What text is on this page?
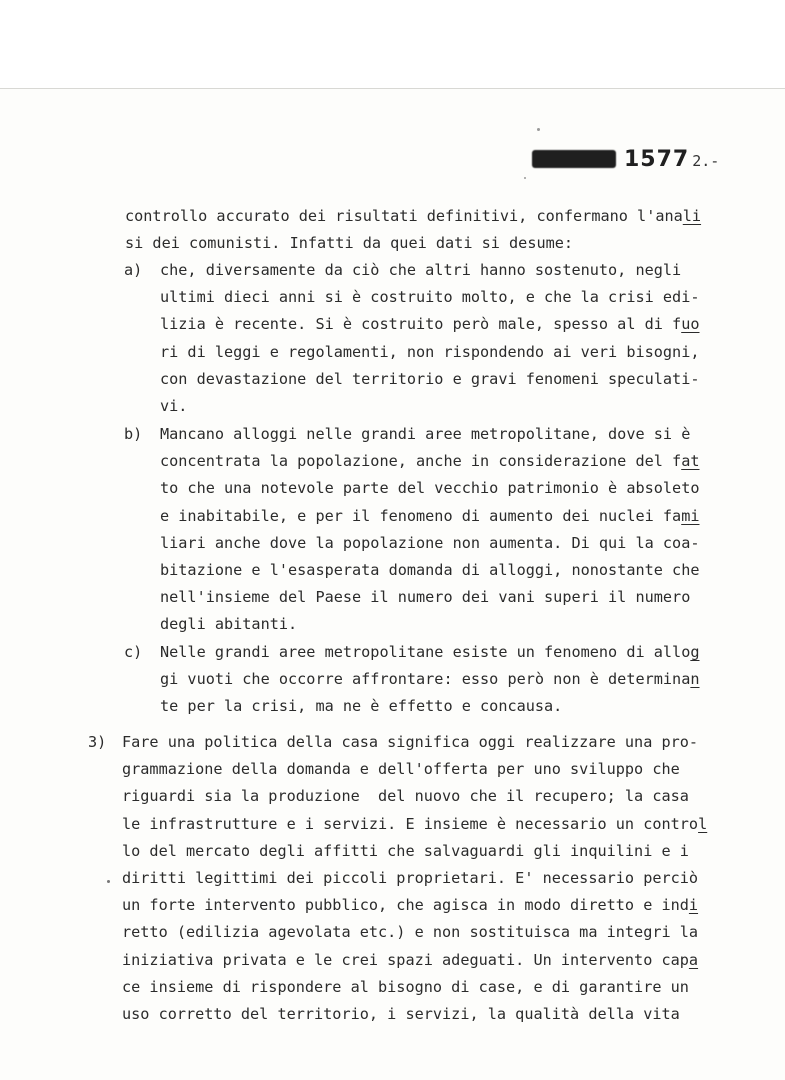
1577 2.-
controllo accurato dei risultati definitivi, confermano l'anali
si dei comunisti. Infatti da quei dati si desume:
a) che, diversamente da ciò che altri hanno sostenuto, negli
ultimi dieci anni si è costruito molto, e che la crisi edi-
lizia è recente. Si è costruito però male, spesso al di fuo
ri di leggi e regolamenti, non rispondendo ai veri bisogni,
con devastazione del territorio e gravi fenomeni speculati-
vi.
b) Mancano alloggi nelle grandi aree metropolitane, dove si è
concentrata la popolazione, anche in considerazione del fat
to che una notevole parte del vecchio patrimonio è absoleto
e inabitabile, e per il fenomeno di aumento dei nuclei fami
liari anche dove la popolazione non aumenta. Di qui la coa-
bitazione e l'esasperata domanda di alloggi, nonostante che
nell'insieme del Paese il numero dei vani superi il numero
degli abitanti.
c) Nelle grandi aree metropolitane esiste un fenomeno di allog
gi vuoti che occorre affrontare: esso però non è determinan
te per la crisi, ma ne è effetto e concausa.
3) Fare una politica della casa significa oggi realizzare una pro-
grammazione della domanda e dell'offerta per uno sviluppo che
riguardi sia la produzione  del nuovo che il recupero; la casa
le infrastrutture e i servizi. E insieme è necessario un control
lo del mercato degli affitti che salvaguardi gli inquilini e i
diritti legittimi dei piccoli proprietari. E' necessario perciò
un forte intervento pubblico, che agisca in modo diretto e indi
retto (edilizia agevolata etc.) e non sostituisca ma integri la
iniziativa privata e le crei spazi adeguati. Un intervento capa
ce insieme di rispondere al bisogno di case, e di garantire un
uso corretto del territorio, i servizi, la qualità della vita
